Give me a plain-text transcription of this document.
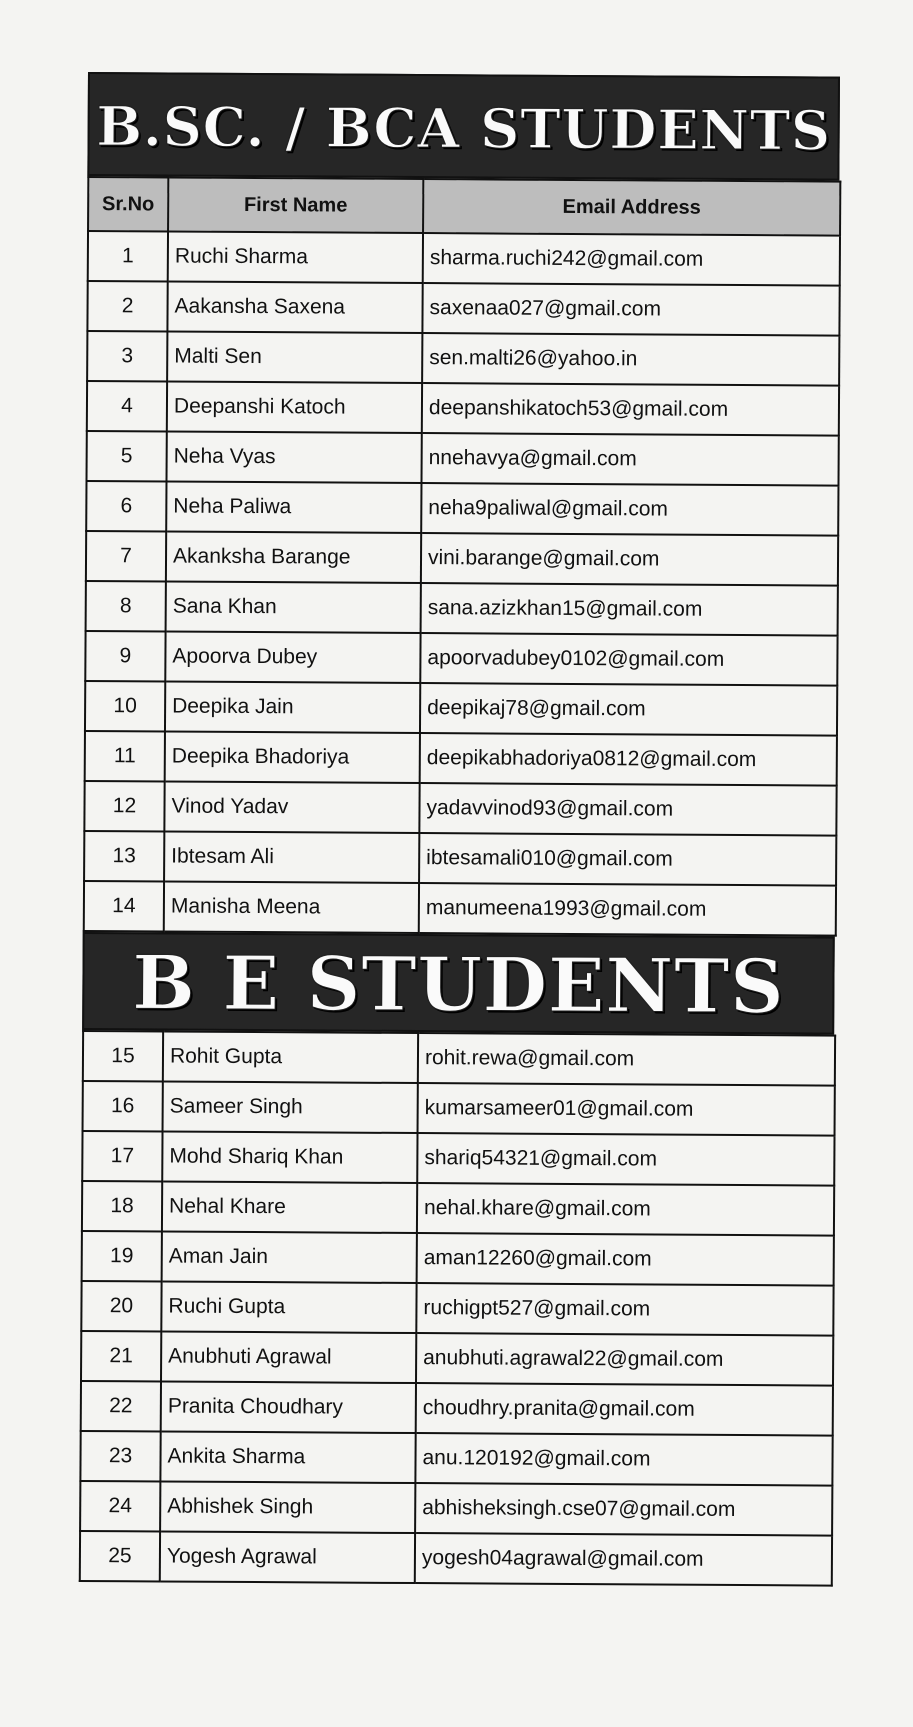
B.SC. / BCA STUDENTS
Sr.No	First Name	Email Address
1	Ruchi Sharma	sharma.ruchi242@gmail.com
2	Aakansha Saxena	saxenaa027@gmail.com
3	Malti Sen	sen.malti26@yahoo.in
4	Deepanshi Katoch	deepanshikatoch53@gmail.com
5	Neha Vyas	nnehavya@gmail.com
6	Neha Paliwa	neha9paliwal@gmail.com
7	Akanksha Barange	vini.barange@gmail.com
8	Sana Khan	sana.azizkhan15@gmail.com
9	Apoorva Dubey	apoorvadubey0102@gmail.com
10	Deepika Jain	deepikaj78@gmail.com
11	Deepika Bhadoriya	deepikabhadoriya0812@gmail.com
12	Vinod Yadav	yadavvinod93@gmail.com
13	Ibtesam Ali	ibtesamali010@gmail.com
14	Manisha Meena	manumeena1993@gmail.com
B E STUDENTS
15	Rohit Gupta	rohit.rewa@gmail.com
16	Sameer Singh	kumarsameer01@gmail.com
17	Mohd Shariq Khan	shariq54321@gmail.com
18	Nehal Khare	nehal.khare@gmail.com
19	Aman Jain	aman12260@gmail.com
20	Ruchi Gupta	ruchigpt527@gmail.com
21	Anubhuti Agrawal	anubhuti.agrawal22@gmail.com
22	Pranita Choudhary	choudhry.pranita@gmail.com
23	Ankita Sharma	anu.120192@gmail.com
24	Abhishek Singh	abhisheksingh.cse07@gmail.com
25	Yogesh Agrawal	yogesh04agrawal@gmail.com
